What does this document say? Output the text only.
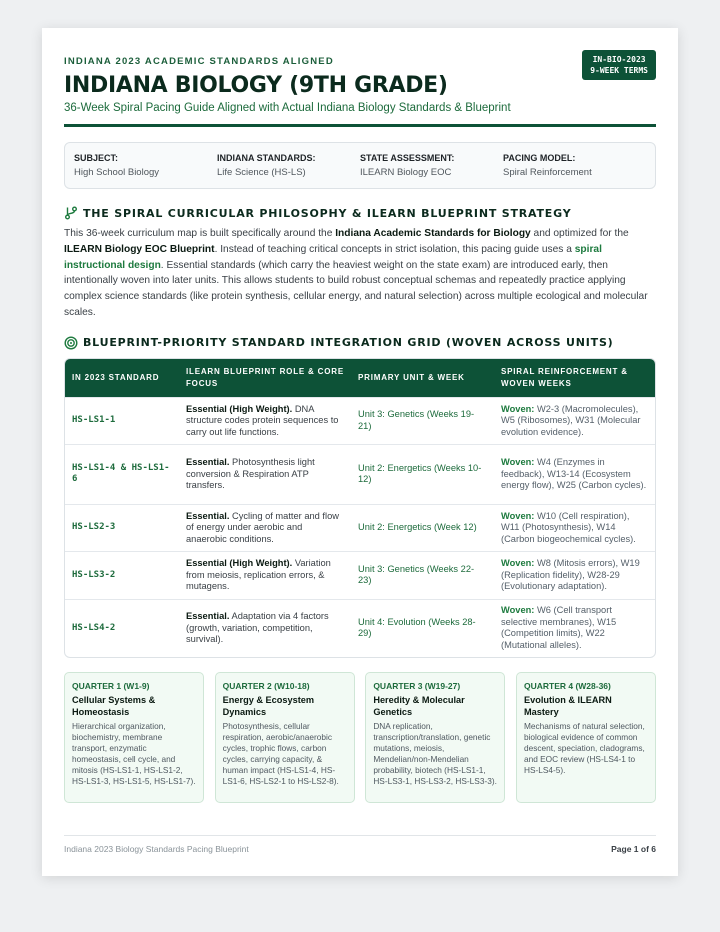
IN-BIO-2023
9-WEEK TERMS
INDIANA 2023 ACADEMIC STANDARDS ALIGNED
INDIANA BIOLOGY (9TH GRADE)
36-Week Spiral Pacing Guide Aligned with Actual Indiana Biology Standards & Blueprint
SUBJECT:
High School Biology
INDIANA STANDARDS:
Life Science (HS-LS)
STATE ASSESSMENT:
ILEARN Biology EOC
PACING MODEL:
Spiral Reinforcement
THE SPIRAL CURRICULAR PHILOSOPHY & ILEARN BLUEPRINT STRATEGY

This 36-week curriculum map is built specifically around the Indiana Academic Standards for Biology and optimized for the ILEARN Biology EOC Blueprint. Instead of teaching critical concepts in strict isolation, this pacing guide uses a spiral instructional design. Essential standards (which carry the heaviest weight on the state exam) are introduced early, then intentionally woven into later units. This allows students to build robust conceptual schemas and repeatedly practice applying complex science standards (like protein synthesis, cellular energy, and natural selection) across multiple ecological and molecular scales.

BLUEPRINT-PRIORITY STANDARD INTEGRATION GRID (WOVEN ACROSS UNITS)
IN 2023 STANDARD	ILEARN BLUEPRINT ROLE & CORE FOCUS	PRIMARY UNIT & WEEK	SPIRAL REINFORCEMENT & WOVEN WEEKS
HS-LS1-1	Essential (High Weight). DNA structure codes protein sequences to carry out life functions.	Unit 3: Genetics (Weeks 19-21)	Woven: W2-3 (Macromolecules), W5 (Ribosomes), W31 (Molecular evolution evidence).
HS-LS1-4 & HS-LS1-6	Essential. Photosynthesis light conversion & Respiration ATP transfers.	Unit 2: Energetics (Weeks 10-12)	Woven: W4 (Enzymes in feedback), W13-14 (Ecosystem energy flow), W25 (Carbon cycles).
HS-LS2-3	Essential. Cycling of matter and flow of energy under aerobic and anaerobic conditions.	Unit 2: Energetics (Week 12)	Woven: W10 (Cell respiration), W11 (Photosynthesis), W14 (Carbon biogeochemical cycles).
HS-LS3-2	Essential (High Weight). Variation from meiosis, replication errors, & mutagens.	Unit 3: Genetics (Weeks 22-23)	Woven: W8 (Mitosis errors), W19 (Replication fidelity), W28-29 (Evolutionary adaptation).
HS-LS4-2	Essential. Adaptation via 4 factors (growth, variation, competition, survival).	Unit 4: Evolution (Weeks 28-29)	Woven: W6 (Cell transport selective membranes), W15 (Competition limits), W22 (Mutational alleles).
QUARTER 1 (W1-9)
Cellular Systems & Homeostasis
Hierarchical organization, biochemistry, membrane transport, enzymatic homeostasis, cell cycle, and mitosis (HS-LS1-1, HS-LS1-2, HS-LS1-3, HS-LS1-5, HS-LS1-7).
QUARTER 2 (W10-18)
Energy & Ecosystem Dynamics
Photosynthesis, cellular respiration, aerobic/anaerobic cycles, trophic flows, carbon cycles, carrying capacity, & human impact (HS-LS1-4, HS-LS1-6, HS-LS2-1 to HS-LS2-8).
QUARTER 3 (W19-27)
Heredity & Molecular Genetics
DNA replication, transcription/translation, genetic mutations, meiosis, Mendelian/non-Mendelian probability, biotech (HS-LS1-1, HS-LS3-1, HS-LS3-2, HS-LS3-3).
QUARTER 4 (W28-36)
Evolution & ILEARN Mastery
Mechanisms of natural selection, biological evidence of common descent, speciation, cladograms, and EOC review (HS-LS4-1 to HS-LS4-5).
Indiana 2023 Biology Standards Pacing Blueprint	Page 1 of 6
